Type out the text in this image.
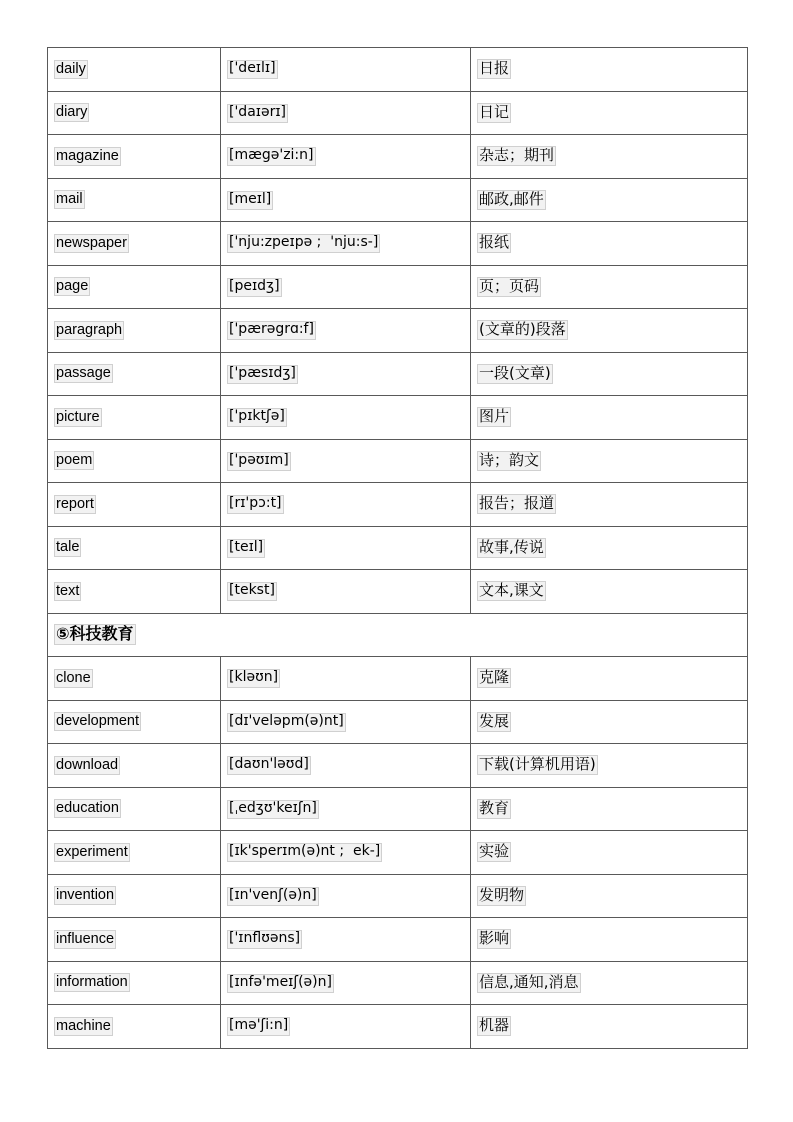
daily	['deɪlɪ]	日报
diary	['daɪərɪ]	日记
magazine	[mægə'zi:n]	杂志；期刊
mail	[meɪl]	邮政,邮件
newspaper	['nju:zpeɪpə ;  'nju:s-]	报纸
page	[peɪdʒ]	页；页码
paragraph	['pærəgrɑ:f]	(文章的)段落
passage	['pæsɪdʒ]	一段(文章)
picture	['pɪktʃə]	图片
poem	['pəʊɪm]	诗；韵文
report	[rɪ'pɔ:t]	报告；报道
tale	[teɪl]	故事,传说
text	[tekst]	文本,课文
⑤科技教育		
clone	[kləʊn]	克隆
development	[dɪ'veləpm(ə)nt]	发展
download	[daʊn'ləʊd]	下载(计算机用语)
education	[ˌedʒʊ'keɪʃn]	教育
experiment	[ɪk'sperɪm(ə)nt ;  ek-]	实验
invention	[ɪn'venʃ(ə)n]	发明物
influence	['ɪnflʊəns]	影响
information	[ɪnfə'meɪʃ(ə)n]	信息,通知,消息
machine	[mə'ʃi:n]	机器
